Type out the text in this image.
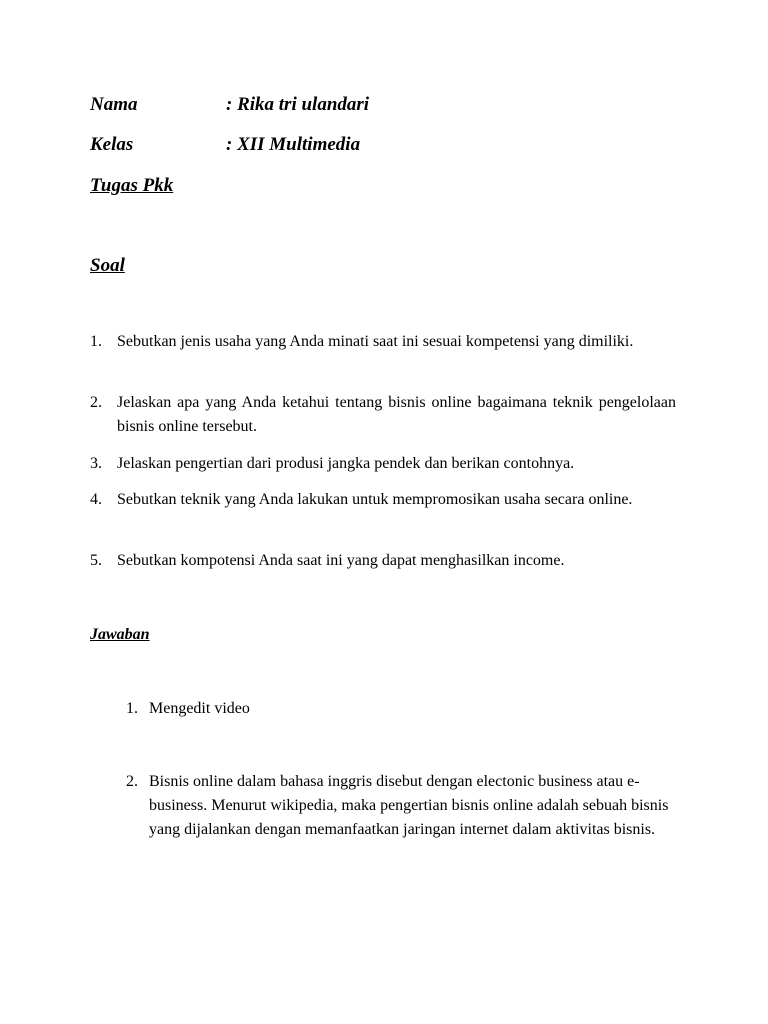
Nama	: Rika tri ulandari
Kelas	: XII Multimedia
Tugas Pkk
Soal
1. Sebutkan jenis usaha yang Anda minati saat ini sesuai kompetensi yang dimiliki.
2. Jelaskan apa yang Anda ketahui tentang bisnis online bagaimana teknik pengelolaan bisnis online tersebut.
3. Jelaskan pengertian dari produsi jangka pendek dan berikan contohnya.
4. Sebutkan teknik yang Anda lakukan untuk mempromosikan usaha secara online.
5. Sebutkan kompotensi Anda saat ini yang dapat menghasilkan income.
Jawaban
1. Mengedit video
2. Bisnis online dalam bahasa inggris disebut dengan electonic business atau e-business. Menurut wikipedia, maka pengertian bisnis online adalah sebuah bisnis yang dijalankan dengan memanfaatkan jaringan internet dalam aktivitas bisnis.
